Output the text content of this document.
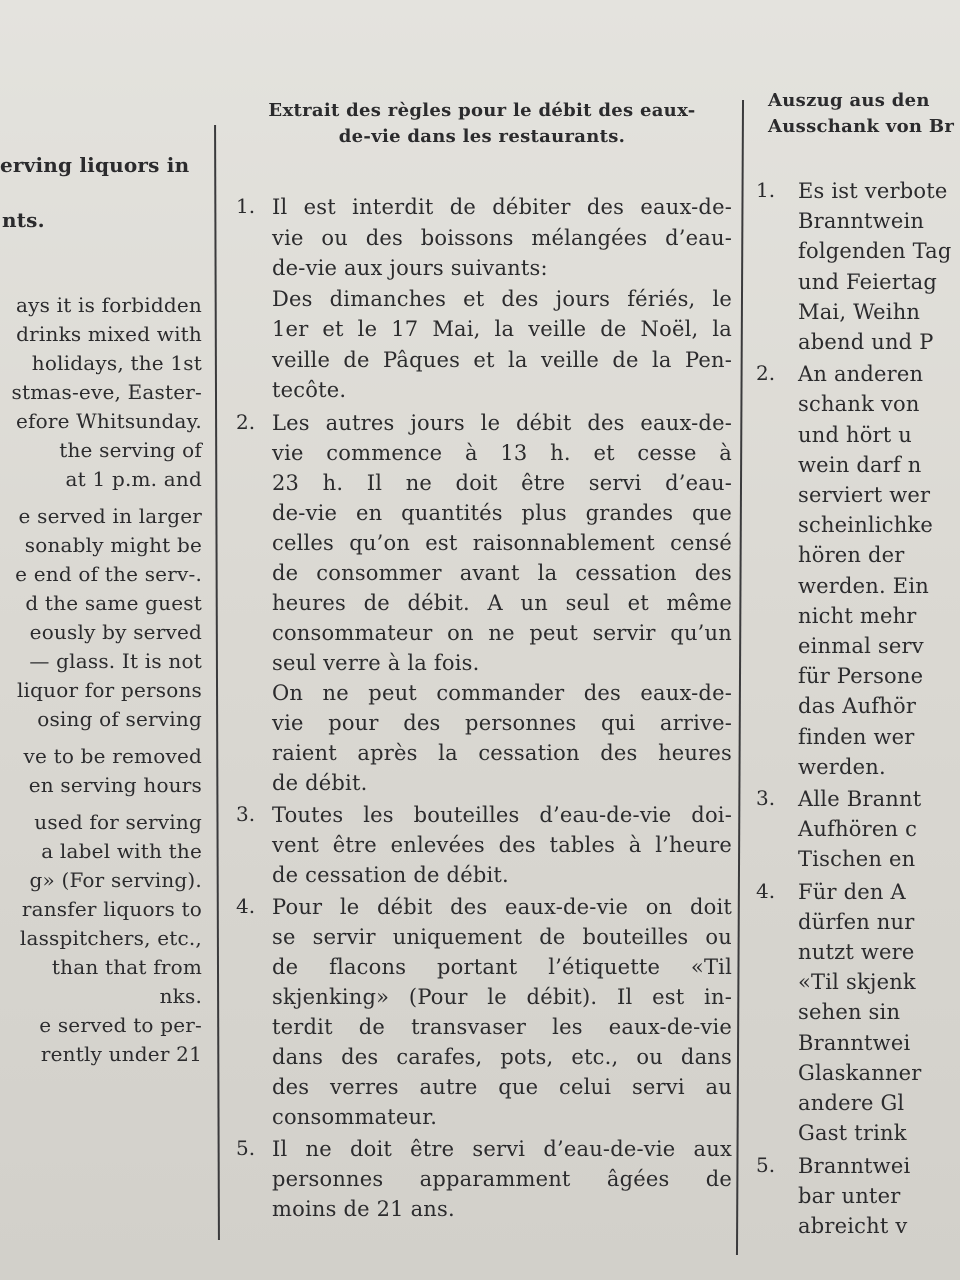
erving liquors in

nts.

ays it is forbidden
drinks mixed with
holidays, the 1st
stmas-eve, Easter-
efore Whitsunday.
the serving of
at 1 p.m. and
e served in larger
sonably might be
e end of the serv-.
d the same guest
eously by served
— glass. It is not
liquor for persons
osing of serving
ve to be removed
en serving hours
used for serving
a label with the
g» (For serving).
ransfer liquors to
lasspitchers, etc.,
than that from
nks.
e served to per-
rently under 21
Extrait des règles pour le débit des eaux-
de-vie dans les restaurants.
1. Il est interdit de débiter des eaux-de-
vie ou des boissons mélangées d’eau-
de-vie aux jours suivants:
Des dimanches et des jours fériés, le
1er et le 17 Mai, la veille de Noël, la
veille de Pâques et la veille de la Pen-
tecôte.
2. Les autres jours le débit des eaux-de-
vie commence à 13 h. et cesse à
23 h. Il ne doit être servi d’eau-
de-vie en quantités plus grandes que
celles qu’on est raisonnablement censé
de consommer avant la cessation des
heures de débit. A un seul et même
consommateur on ne peut servir qu’un
seul verre à la fois.
On ne peut commander des eaux-de-
vie pour des personnes qui arrive-
raient après la cessation des heures
de débit.
3. Toutes les bouteilles d’eau-de-vie doi-
vent être enlevées des tables à l’heure
de cessation de débit.
4. Pour le débit des eaux-de-vie on doit
se servir uniquement de bouteilles ou
de flacons portant l’étiquette «Til
skjenking» (Pour le débit). Il est in-
terdit de transvaser les eaux-de-vie
dans des carafes, pots, etc., ou dans
des verres autre que celui servi au
consommateur.
5. Il ne doit être servi d’eau-de-vie aux
personnes apparamment âgées de
moins de 21 ans.
Auszug aus den
Ausschank von Br
1. Es ist verbote
Branntwein
folgenden Tag
und Feiertag
Mai, Weihn
abend und P
2. An anderen
schank von
und hört u
wein darf n
serviert wer
scheinlichke
hören der
werden. Ein
nicht mehr
einmal serv
für Persone
das Aufhör
finden wer
werden.
3. Alle Brannt
Aufhören c
Tischen en
4. Für den A
dürfen nur
nutzt were
«Til skjenk
sehen sin
Branntwei
Glaskanner
andere Gl
Gast trink
5. Branntwei
bar unter
abreicht v
